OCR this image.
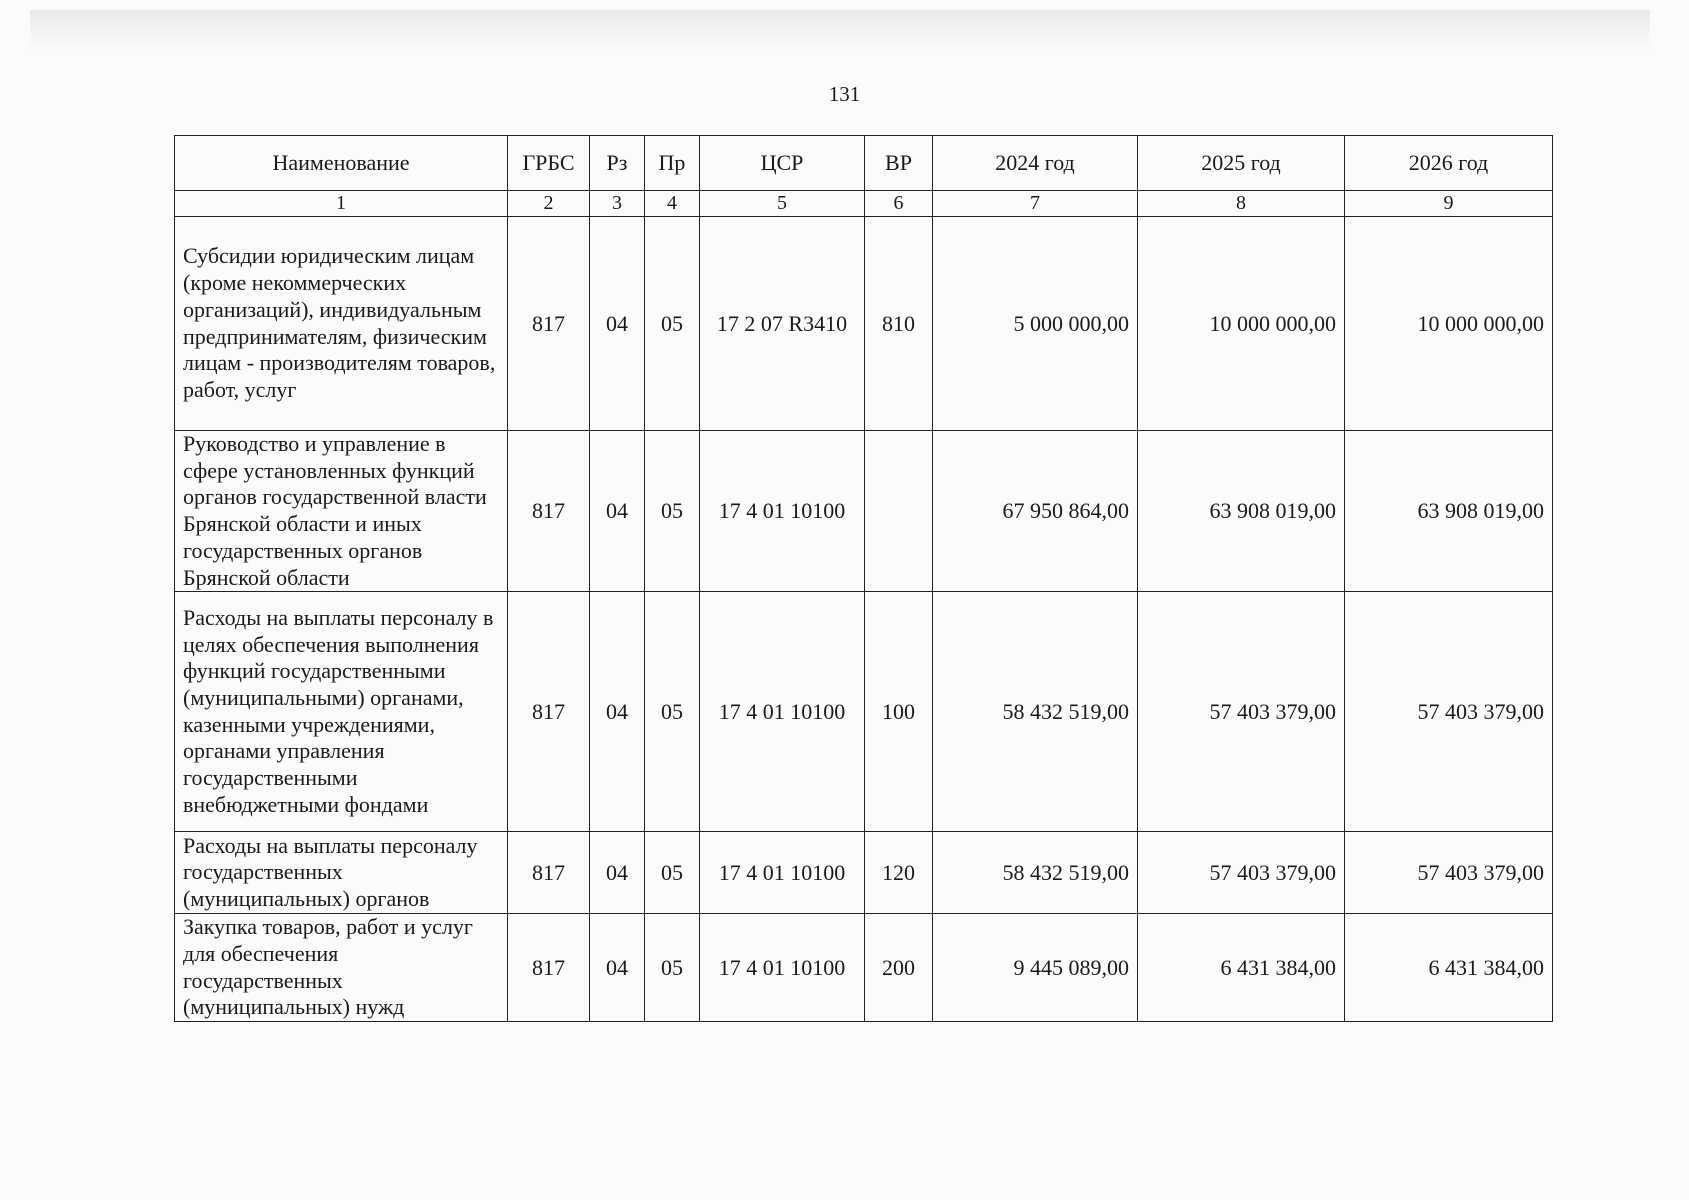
131
Наименование	ГРБС	Рз	Пр	ЦСР	ВР	2024 год	2025 год	2026 год
1	2	3	4	5	6	7	8	9
Субсидии юридическим лицам (кроме некоммерческих организаций), индивидуальным предпринимателям, физическим лицам - производителям товаров, работ, услуг	817	04	05	17 2 07 R3410	810	5 000 000,00	10 000 000,00	10 000 000,00
Руководство и управление в сфере установленных функций органов государственной власти Брянской области и иных государственных органов Брянской области	817	04	05	17 4 01 10100		67 950 864,00	63 908 019,00	63 908 019,00
Расходы на выплаты персоналу в целях обеспечения выполнения функций государственными (муниципальными) органами, казенными учреждениями, органами управления государственными внебюджетными фондами	817	04	05	17 4 01 10100	100	58 432 519,00	57 403 379,00	57 403 379,00
Расходы на выплаты персоналу государственных (муниципальных) органов	817	04	05	17 4 01 10100	120	58 432 519,00	57 403 379,00	57 403 379,00
Закупка товаров, работ и услуг для обеспечения государственных (муниципальных) нужд	817	04	05	17 4 01 10100	200	9 445 089,00	6 431 384,00	6 431 384,00
